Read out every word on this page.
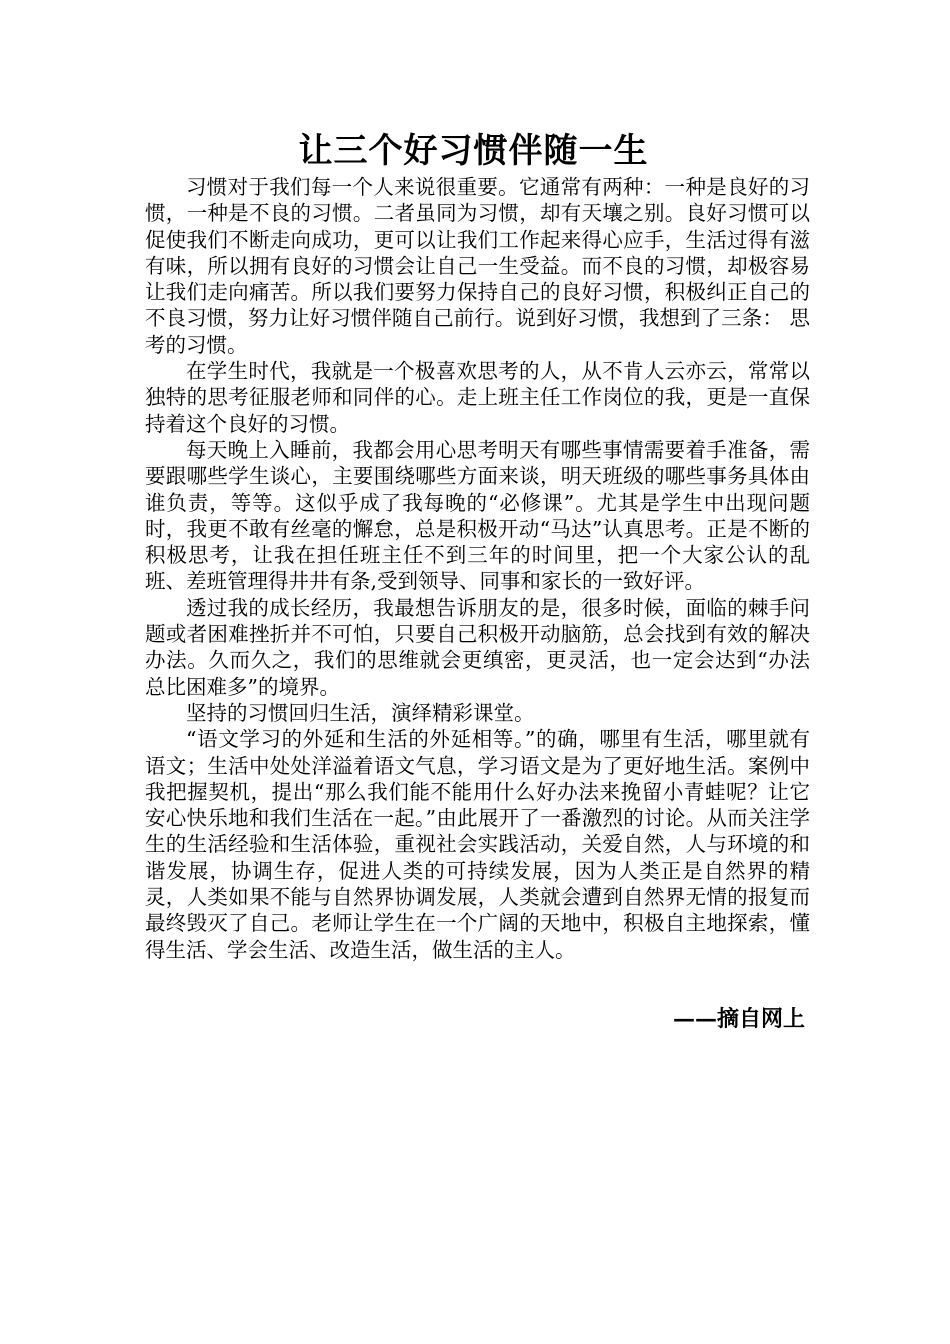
让三个好习惯伴随一生

习惯对于我们每一个人来说很重要。它通常有两种：一种是良好的习惯，一种是不良的习惯。二者虽同为习惯，却有天壤之别。良好习惯可以促使我们不断走向成功，更可以让我们工作起来得心应手，生活过得有滋有味，所以拥有良好的习惯会让自己一生受益。而不良的习惯，却极容易让我们走向痛苦。所以我们要努力保持自己的良好习惯，积极纠正自己的不良习惯，努力让好习惯伴随自己前行。说到好习惯，我想到了三条： 思考的习惯。

在学生时代，我就是一个极喜欢思考的人，从不肯人云亦云，常常以独特的思考征服老师和同伴的心。走上班主任工作岗位的我，更是一直保持着这个良好的习惯。

每天晚上入睡前，我都会用心思考明天有哪些事情需要着手准备，需要跟哪些学生谈心，主要围绕哪些方面来谈，明天班级的哪些事务具体由谁负责，等等。这似乎成了我每晚的“必修课”。尤其是学生中出现问题时，我更不敢有丝毫的懈怠，总是积极开动“马达”认真思考。正是不断的积极思考，让我在担任班主任不到三年的时间里，把一个大家公认的乱班、差班管理得井井有条,受到领导、同事和家长的一致好评。

透过我的成长经历，我最想告诉朋友的是，很多时候，面临的棘手问题或者困难挫折并不可怕，只要自己积极开动脑筋，总会找到有效的解决办法。久而久之，我们的思维就会更缜密，更灵活，也一定会达到“办法总比困难多”的境界。

坚持的习惯回归生活，演绎精彩课堂。

“语文学习的外延和生活的外延相等。”的确，哪里有生活，哪里就有语文；生活中处处洋溢着语文气息，学习语文是为了更好地生活。案例中我把握契机，提出“那么我们能不能用什么好办法来挽留小青蛙呢？让它安心快乐地和我们生活在一起。”由此展开了一番激烈的讨论。从而关注学生的生活经验和生活体验，重视社会实践活动，关爱自然，人与环境的和谐发展，协调生存，促进人类的可持续发展，因为人类正是自然界的精灵，人类如果不能与自然界协调发展，人类就会遭到自然界无情的报复而最终毁灭了自己。老师让学生在一个广阔的天地中，积极自主地探索，懂得生活、学会生活、改造生活，做生活的主人。

——摘自网上
